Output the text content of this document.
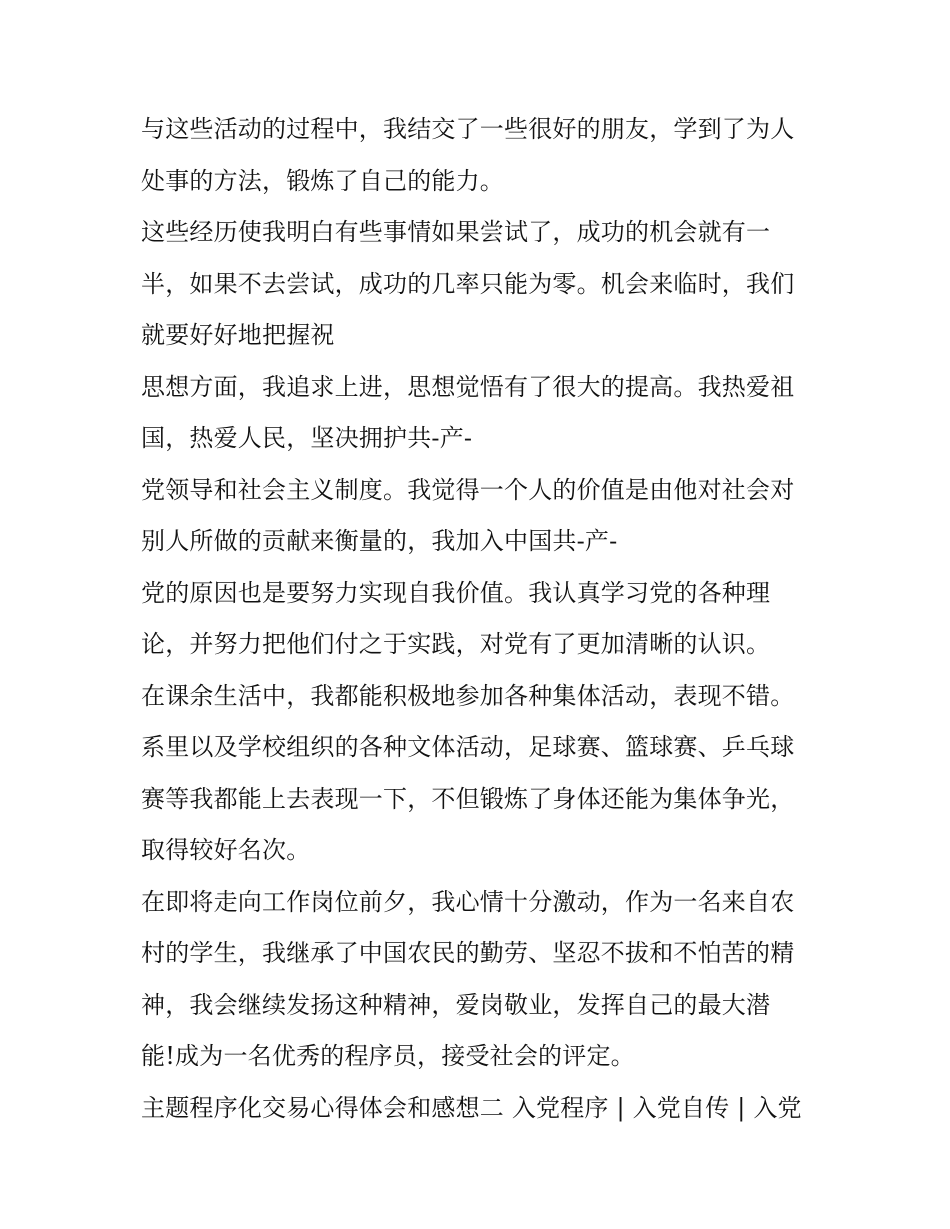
与这些活动的过程中，我结交了一些很好的朋友，学到了为人
处事的方法，锻炼了自己的能力。
这些经历使我明白有些事情如果尝试了，成功的机会就有一
半，如果不去尝试，成功的几率只能为零。机会来临时，我们
就要好好地把握祝
思想方面，我追求上进，思想觉悟有了很大的提高。我热爱祖
国，热爱人民，坚决拥护共-产-
党领导和社会主义制度。我觉得一个人的价值是由他对社会对
别人所做的贡献来衡量的，我加入中国共-产-
党的原因也是要努力实现自我价值。我认真学习党的各种理
论，并努力把他们付之于实践，对党有了更加清晰的认识。
在课余生活中，我都能积极地参加各种集体活动，表现不错。
系里以及学校组织的各种文体活动，足球赛、篮球赛、乒乓球
赛等我都能上去表现一下，不但锻炼了身体还能为集体争光，
取得较好名次。
在即将走向工作岗位前夕，我心情十分激动，作为一名来自农
村的学生，我继承了中国农民的勤劳、坚忍不拔和不怕苦的精
神，我会继续发扬这种精神，爱岗敬业，发挥自己的最大潜
能!成为一名优秀的程序员，接受社会的评定。
主题程序化交易心得体会和感想二 入党程序 | 入党自传 | 入党
